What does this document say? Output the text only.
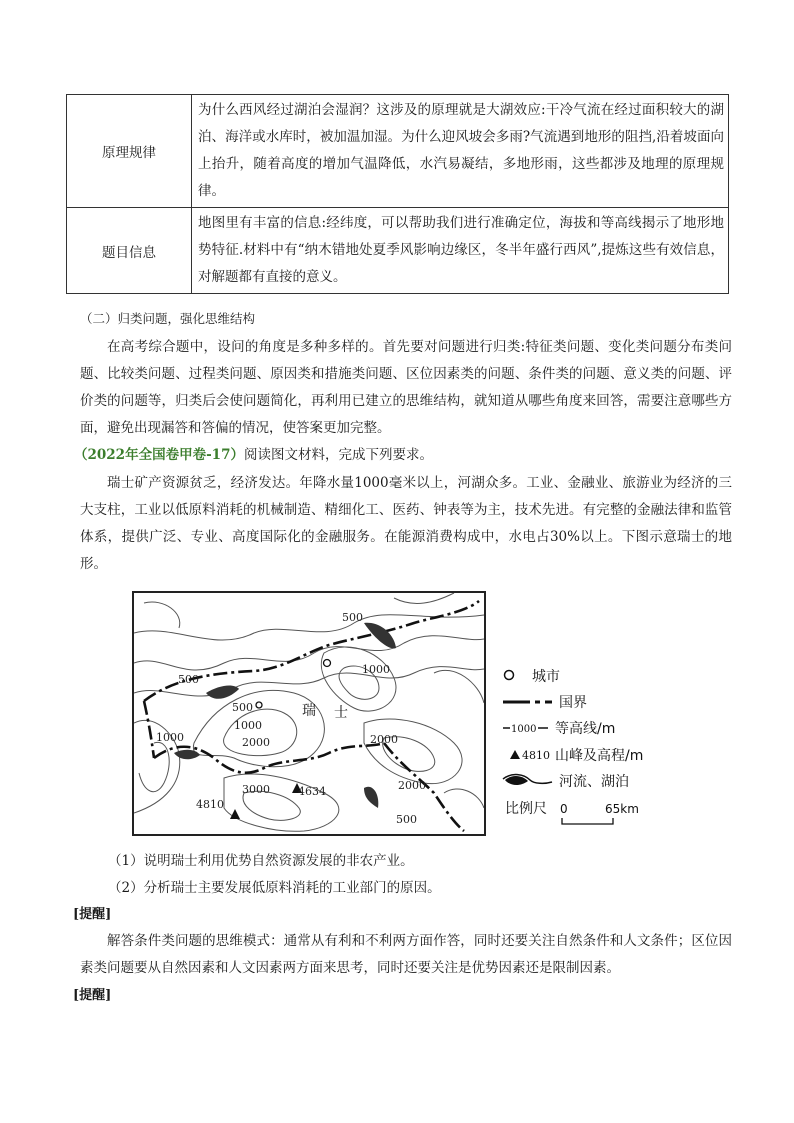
原理规律	为什么西风经过湖泊会湿润？这涉及的原理就是大湖效应:干冷气流在经过面积较大的湖泊、海洋或水库时，被加温加湿。为什么迎风坡会多雨?气流遇到地形的阻挡,沿着坡面向上抬升，随着高度的增加气温降低，水汽易凝结，多地形雨，这些都涉及地理的原理规律。
题目信息	地图里有丰富的信息:经纬度，可以帮助我们进行准确定位，海拔和等高线揭示了地形地势特征.材料中有“纳木错地处夏季风影响边缘区，冬半年盛行西风”,提炼这些有效信息，对解题都有直接的意义。
（二）归类问题，强化思维结构
在高考综合题中，设问的角度是多种多样的。首先要对问题进行归类:特征类问题、变化类问题分布类问题、比较类问题、过程类问题、原因类和措施类问题、区位因素类的问题、条件类的问题、意义类的问题、评价类的问题等，归类后会使问题简化，再利用已建立的思维结构，就知道从哪些角度来回答，需要注意哪些方面，避免出现漏答和答偏的情况，使答案更加完整。
（2022年全国卷甲卷-17）阅读图文材料，完成下列要求。
瑞士矿产资源贫乏，经济发达。年降水量1000毫米以上，河湖众多。工业、金融业、旅游业为经济的三大支柱，工业以低原料消耗的机械制造、精细化工、医药、钟表等为主，技术先进。有完整的金融法律和监管体系，提供广泛、专业、高度国际化的金融服务。在能源消费构成中，水电占30%以上。下图示意瑞士的地形。
500
500
1000
500
1000
2000
1000	2000
2000
3000
500
4810
4634
瑞 士
城市
国界
1000 等高线/m
4810 山峰及高程/m
河流、湖泊
比例尺 0	65km
（1）说明瑞士利用优势自然资源发展的非农产业。
（2）分析瑞士主要发展低原料消耗的工业部门的原因。
[提醒]
解答条件类问题的思维模式：通常从有利和不利两方面作答，同时还要关注自然条件和人文条件；区位因素类问题要从自然因素和人文因素两方面来思考，同时还要关注是优势因素还是限制因素。
[提醒]
